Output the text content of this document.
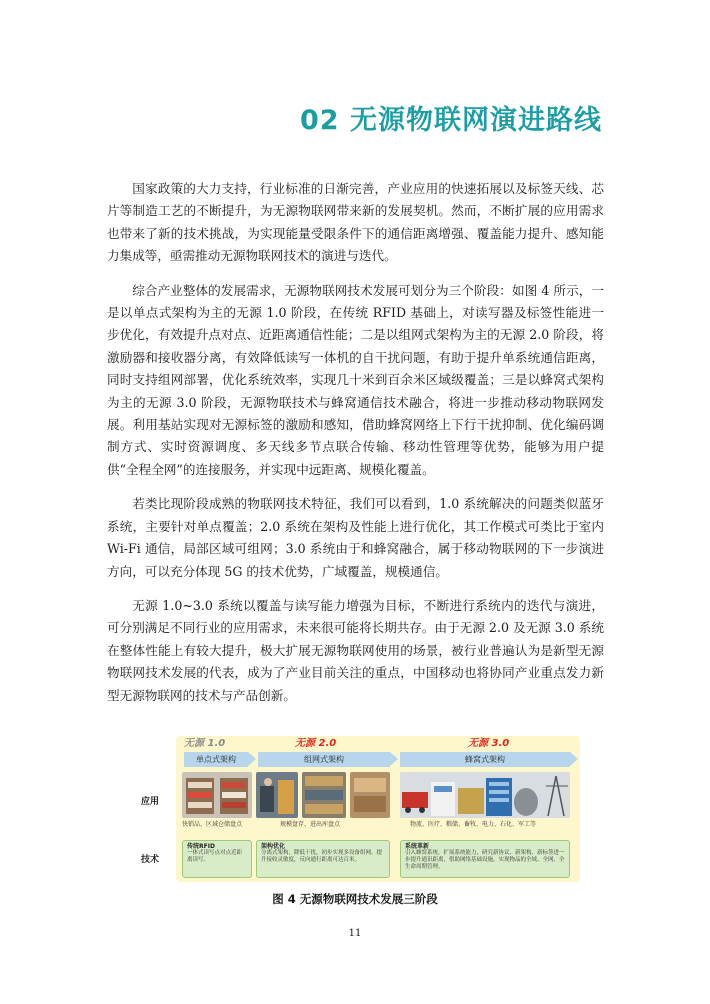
02 无源物联网演进路线

国家政策的大力支持，行业标准的日渐完善，产业应用的快速拓展以及标签天线、芯片等制造工艺的不断提升，为无源物联网带来新的发展契机。然而，不断扩展的应用需求也带来了新的技术挑战，为实现能量受限条件下的通信距离增强、覆盖能力提升、感知能力集成等，亟需推动无源物联网技术的演进与迭代。

综合产业整体的发展需求，无源物联网技术发展可划分为三个阶段：如图 4 所示，一是以单点式架构为主的无源 1.0 阶段，在传统 RFID 基础上，对读写器及标签性能进一步优化，有效提升点对点、近距离通信性能；二是以组网式架构为主的无源 2.0 阶段，将激励器和接收器分离，有效降低读写一体机的自干扰问题，有助于提升单系统通信距离，同时支持组网部署，优化系统效率，实现几十米到百余米区域级覆盖；三是以蜂窝式架构为主的无源 3.0 阶段，无源物联技术与蜂窝通信技术融合，将进一步推动移动物联网发展。利用基站实现对无源标签的激励和感知，借助蜂窝网络上下行干扰抑制、优化编码调制方式、实时资源调度、多天线多节点联合传输、移动性管理等优势，能够为用户提供“全程全网”的连接服务，并实现中远距离、规模化覆盖。

若类比现阶段成熟的物联网技术特征，我们可以看到，1.0 系统解决的问题类似蓝牙系统，主要针对单点覆盖；2.0 系统在架构及性能上进行优化，其工作模式可类比于室内 Wi-Fi 通信，局部区域可组网；3.0 系统由于和蜂窝融合，属于移动物联网的下一步演进方向，可以充分体现 5G 的技术优势，广域覆盖，规模通信。

无源 1.0~3.0 系统以覆盖与读写能力增强为目标，不断进行系统内的迭代与演进，可分别满足不同行业的应用需求，未来很可能将长期共存。由于无源 2.0 及无源 3.0 系统在整体性能上有较大提升，极大扩展无源物联网使用的场景，被行业普遍认为是新型无源物联网技术发展的代表，成为了产业目前关注的重点，中国移动也将协同产业重点发力新型无源物联网的技术与产品创新。

无源 1.0	无源 2.0	无源 3.0
单点式架构	组网式架构	蜂窝式架构
应用
技术
快销品、区域仓储盘点	规模盘存、进出库盘点	物流、医疗、粮储、畜牧、电力、石化、军工等
传统RFID
一体式读写点对点近距离读写。
架构优化
分离式架构，降低干扰，初步实现多设备组网，提升接收灵敏度，反向通行距离可达百米。
系统革新
引入蜂窝系统，扩展系统能力，研究新协议、新架构、新标签进一步提升通讯距离，借助网络基础设施，实现物品的全域、全网、全生命周期管理。
图 4 无源物联网技术发展三阶段
11
